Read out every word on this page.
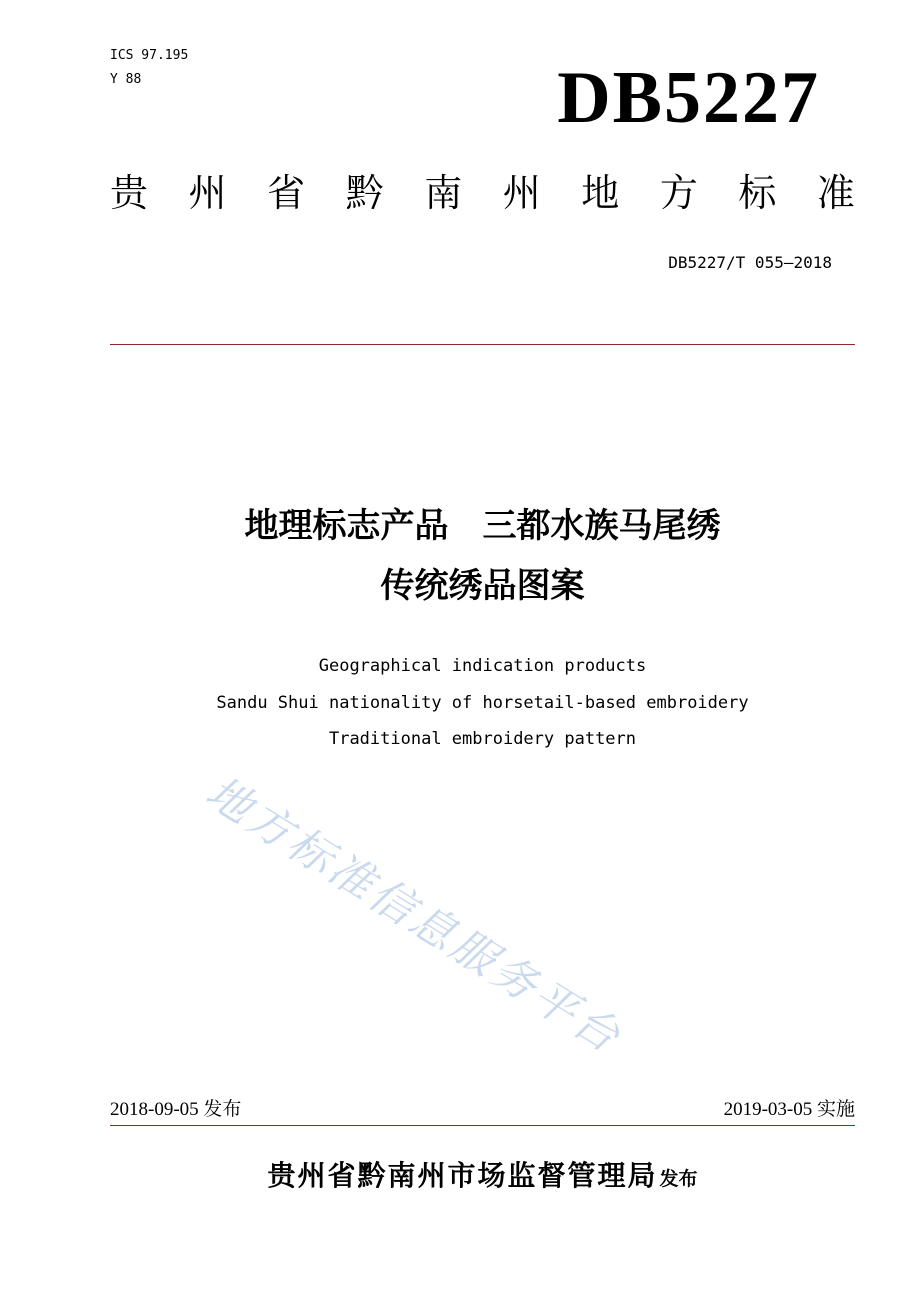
ICS 97.195
Y 88	DB5227
贵 州 省 黔 南 州 地 方 标 准
DB5227/T 055—2018
地理标志产品　三都水族马尾绣
传统绣品图案
Geographical indication products
Sandu Shui nationality of horsetail-based embroidery
Traditional embroidery pattern
地方标准信息服务平台
2018-09-05 发布	2019-03-05 实施
贵州省黔南州市场监督管理局 发布
